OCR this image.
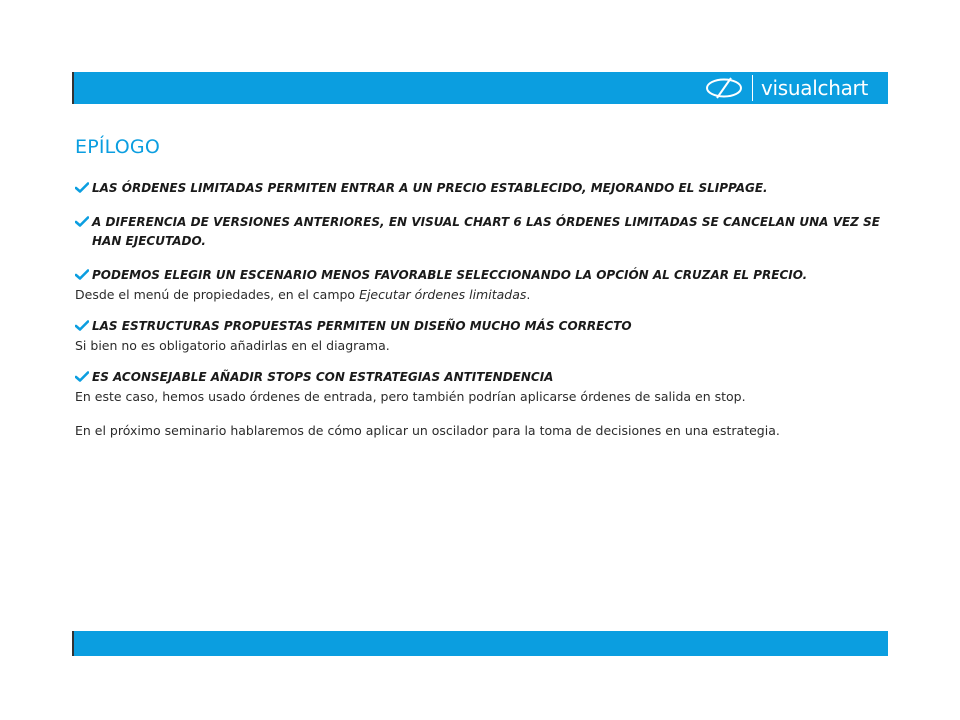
visualchart
EPÍLOGO
LAS ÓRDENES LIMITADAS PERMITEN ENTRAR A UN PRECIO ESTABLECIDO, MEJORANDO EL SLIPPAGE.
A DIFERENCIA DE VERSIONES ANTERIORES, EN VISUAL CHART 6 LAS ÓRDENES LIMITADAS SE CANCELAN UNA VEZ SE HAN EJECUTADO.
PODEMOS ELEGIR UN ESCENARIO MENOS FAVORABLE SELECCIONANDO LA OPCIÓN AL CRUZAR EL PRECIO.
Desde el menú de propiedades, en el campo Ejecutar órdenes limitadas.
LAS ESTRUCTURAS PROPUESTAS PERMITEN UN DISEÑO MUCHO MÁS CORRECTO
Si bien no es obligatorio añadirlas en el diagrama.
ES ACONSEJABLE AÑADIR STOPS CON ESTRATEGIAS ANTITENDENCIA
En este caso, hemos usado órdenes de entrada, pero también podrían aplicarse órdenes de salida en stop.
En el próximo seminario hablaremos de cómo aplicar un oscilador para la toma de decisiones en una estrategia.
